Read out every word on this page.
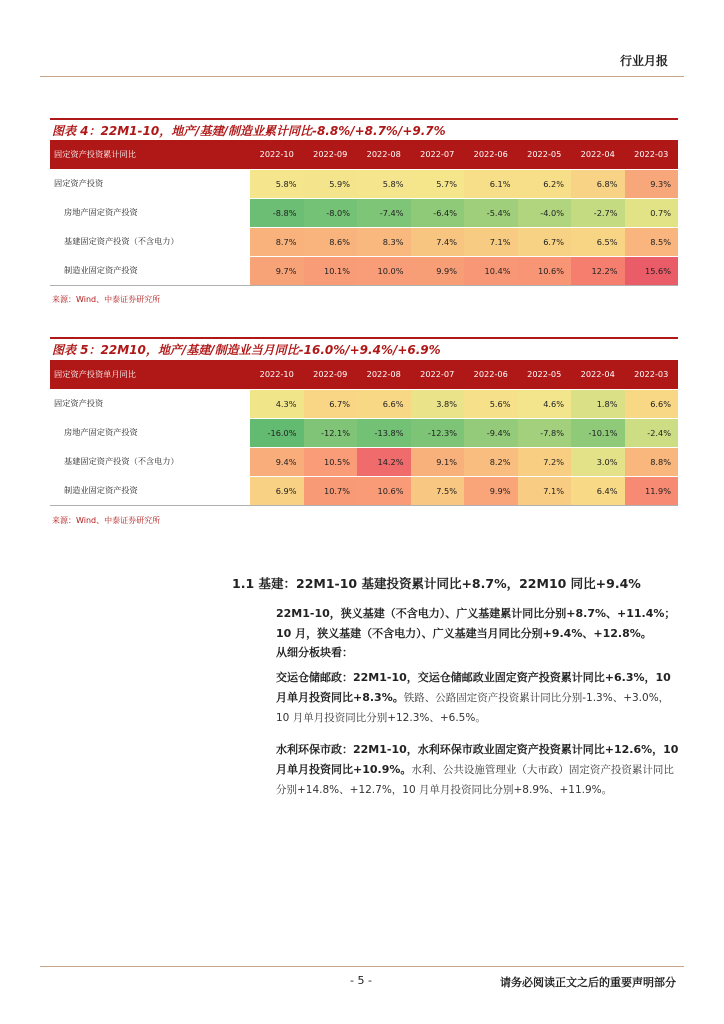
行业月报
图表 4：22M1-10，地产/基建/制造业累计同比-8.8%/+8.7%/+9.7%
固定资产投资累计同比	2022-10	2022-09	2022-08	2022-07	2022-06	2022-05	2022-04	2022-03
固定资产投资	5.8%	5.9%	5.8%	5.7%	6.1%	6.2%	6.8%	9.3%
房地产固定资产投资	-8.8%	-8.0%	-7.4%	-6.4%	-5.4%	-4.0%	-2.7%	0.7%
基建固定资产投资（不含电力）	8.7%	8.6%	8.3%	7.4%	7.1%	6.7%	6.5%	8.5%
制造业固定资产投资	9.7%	10.1%	10.0%	9.9%	10.4%	10.6%	12.2%	15.6%
来源：Wind、中泰证券研究所
图表 5：22M10，地产/基建/制造业当月同比-16.0%/+9.4%/+6.9%
固定资产投资单月同比	2022-10	2022-09	2022-08	2022-07	2022-06	2022-05	2022-04	2022-03
固定资产投资	4.3%	6.7%	6.6%	3.8%	5.6%	4.6%	1.8%	6.6%
房地产固定资产投资	-16.0%	-12.1%	-13.8%	-12.3%	-9.4%	-7.8%	-10.1%	-2.4%
基建固定资产投资（不含电力）	9.4%	10.5%	14.2%	9.1%	8.2%	7.2%	3.0%	8.8%
制造业固定资产投资	6.9%	10.7%	10.6%	7.5%	9.9%	7.1%	6.4%	11.9%
来源：Wind、中泰证券研究所
1.1 基建：22M1-10 基建投资累计同比+8.7%，22M10 同比+9.4%
22M1-10，狭义基建（不含电力）、广义基建累计同比分别+8.7%、+11.4%；
10 月，狭义基建（不含电力）、广义基建当月同比分别+9.4%、+12.8%。
从细分板块看：
交运仓储邮政：22M1-10，交运仓储邮政业固定资产投资累计同比+6.3%，10 月单月投资同比+8.3%。铁路、公路固定资产投资累计同比分别-1.3%、+3.0%，10 月单月投资同比分别+12.3%、+6.5%。
水利环保市政：22M1-10，水利环保市政业固定资产投资累计同比+12.6%，10 月单月投资同比+10.9%。水利、公共设施管理业（大市政）固定资产投资累计同比分别+14.8%、+12.7%，10 月单月投资同比分别+8.9%、+11.9%。
- 5 -	请务必阅读正文之后的重要声明部分
